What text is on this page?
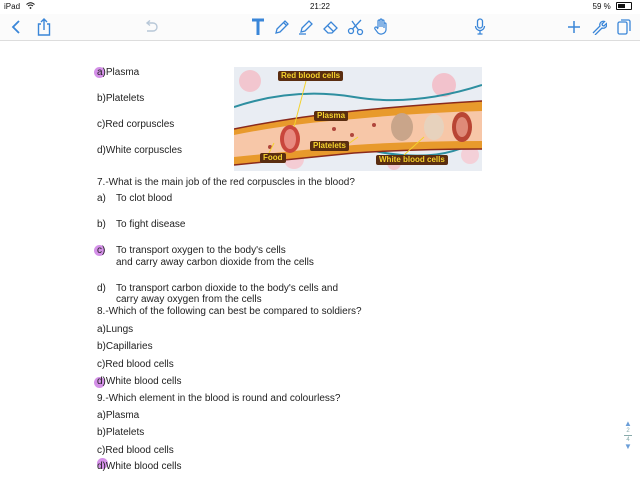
iPad	21:22	59 %
Red blood cells
Plasma
Platelets
Food	White blood cells
a)Plasma
b)Platelets
c)Red corpuscles
d)White corpuscles
7.-What is the main job of the red corpuscles in the blood?
a) To clot blood
b) To fight disease
c) To transport oxygen to the body's cells
and carry away carbon dioxide from the cells
d) To transport carbon dioxide to the body's cells and
carry away oxygen from the cells
8.-Which of the following can best be compared to soldiers?
a)Lungs
b)Capillaries
c)Red blood cells
d)White blood cells
9.-Which element in the blood is round and colourless?
a)Plasma
b)Platelets
c)Red blood cells
d)White blood cells
▲
2
4
▼
